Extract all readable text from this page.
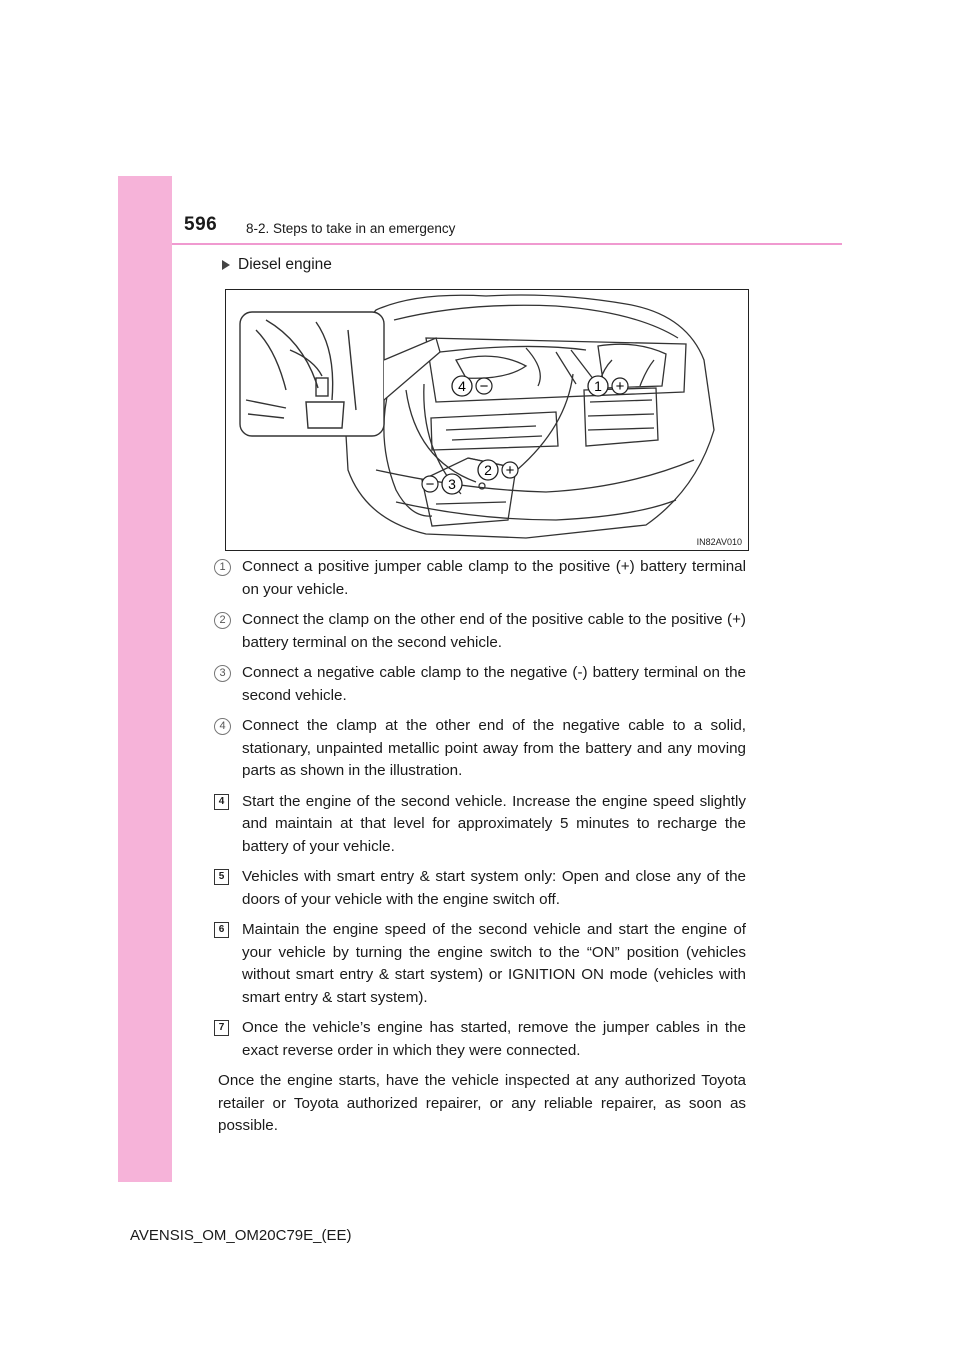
596 8-2. Steps to take in an emergency
Diesel engine
1 +
2 +
3
−
4 −
IN82AV010
1	Connect a positive jumper cable clamp to the positive (+) battery terminal on your vehicle.
2	Connect the clamp on the other end of the positive cable to the positive (+) battery terminal on the second vehicle.
3	Connect a negative cable clamp to the negative (-) battery terminal on the second vehicle.
4	Connect the clamp at the other end of the negative cable to a solid, stationary, unpainted metallic point away from the battery and any moving parts as shown in the illustration.
4	Start the engine of the second vehicle. Increase the engine speed slightly and maintain at that level for approximately 5 minutes to recharge the battery of your vehicle.
5	Vehicles with smart entry & start system only: Open and close any of the doors of your vehicle with the engine switch off.
6	Maintain the engine speed of the second vehicle and start the engine of your vehicle by turning the engine switch to the “ON” position (vehicles without smart entry & start system) or IGNITION ON mode (vehicles with smart entry & start system).
7	Once the vehicle’s engine has started, remove the jumper cables in the exact reverse order in which they were connected.
Once the engine starts, have the vehicle inspected at any authorized Toyota retailer or Toyota authorized repairer, or any reliable repairer, as soon as possible.
AVENSIS_OM_OM20C79E_(EE)
